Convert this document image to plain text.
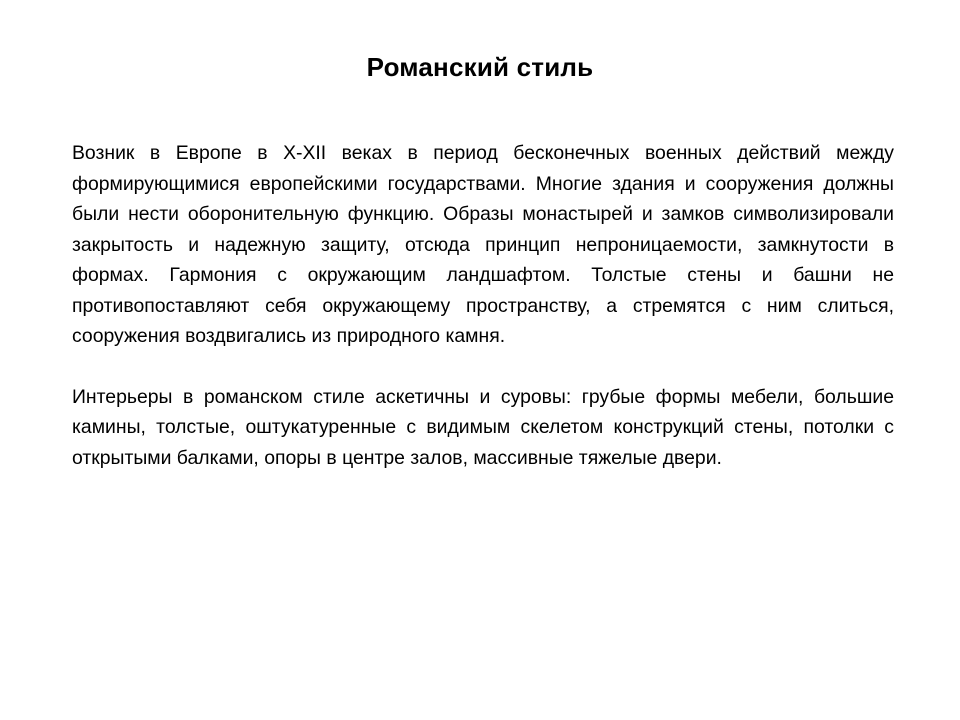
Романский стиль

Возник в Европе в X-XII веках в период бесконечных военных действий между формирующимися европейскими государствами. Многие здания и сооружения должны были нести оборонительную функцию. Образы монастырей и замков символизировали закрытость и надежную защиту, отсюда принцип непроницаемости, замкнутости в формах. Гармония с окружающим ландшафтом. Толстые стены и башни не противопоставляют себя окружающему пространству, а стремятся с ним слиться, сооружения воздвигались из природного камня.

Интерьеры в романском стиле аскетичны и суровы: грубые формы мебели, большие камины, толстые, оштукатуренные с видимым скелетом конструкций стены, потолки с открытыми балками, опоры в центре залов, массивные тяжелые двери.
